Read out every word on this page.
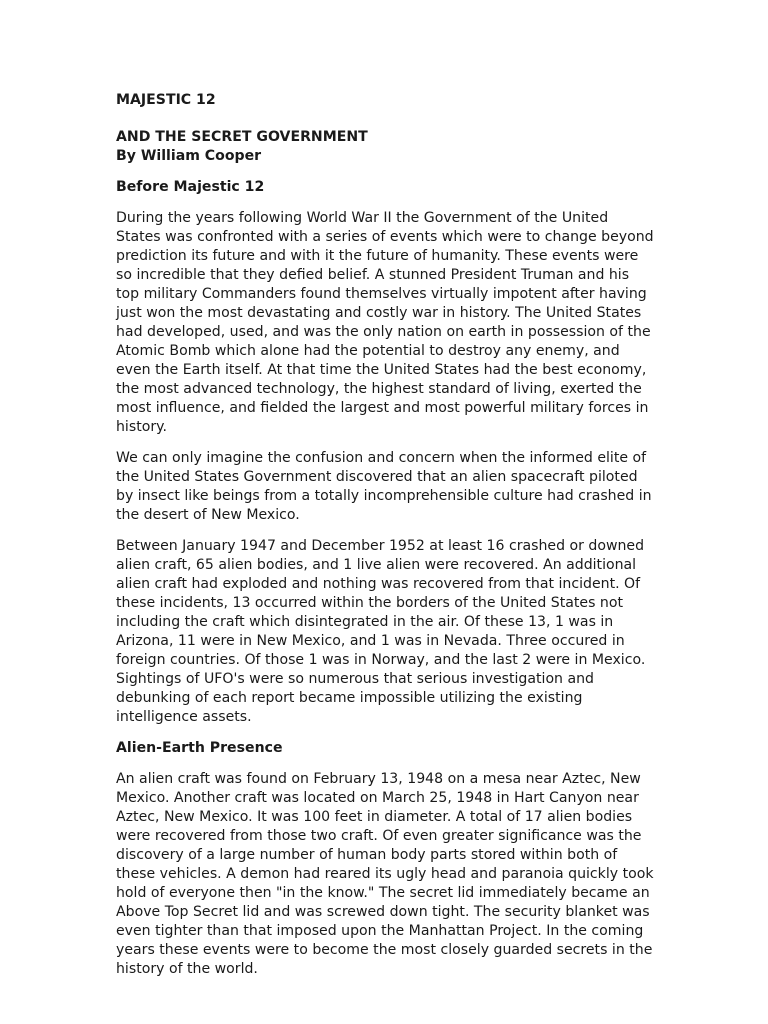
MAJESTIC 12
AND THE SECRET GOVERNMENT
By William Cooper
Before Majestic 12

During the years following World War II the Government of the United States was confronted with a series of events which were to change beyond prediction its future and with it the future of humanity. These events were so incredible that they defied belief. A stunned President Truman and his top military Commanders found themselves virtually impotent after having just won the most devastating and costly war in history. The United States had developed, used, and was the only nation on earth in possession of the Atomic Bomb which alone had the potential to destroy any enemy, and even the Earth itself. At that time the United States had the best economy, the most advanced technology, the highest standard of living, exerted the most influence, and fielded the largest and most powerful military forces in history.

We can only imagine the confusion and concern when the informed elite of the United States Government discovered that an alien spacecraft piloted by insect like beings from a totally incomprehensible culture had crashed in the desert of New Mexico.

Between January 1947 and December 1952 at least 16 crashed or downed alien craft, 65 alien bodies, and 1 live alien were recovered. An additional alien craft had exploded and nothing was recovered from that incident. Of these incidents, 13 occurred within the borders of the United States not including the craft which disintegrated in the air. Of these 13, 1 was in Arizona, 11 were in New Mexico, and 1 was in Nevada. Three occured in foreign countries. Of those 1 was in Norway, and the last 2 were in Mexico. Sightings of UFO's were so numerous that serious investigation and debunking of each report became impossible utilizing the existing intelligence assets.

Alien-Earth Presence

An alien craft was found on February 13, 1948 on a mesa near Aztec, New Mexico. Another craft was located on March 25, 1948 in Hart Canyon near Aztec, New Mexico. It was 100 feet in diameter. A total of 17 alien bodies were recovered from those two craft. Of even greater significance was the discovery of a large number of human body parts stored within both of these vehicles. A demon had reared its ugly head and paranoia quickly took hold of everyone then "in the know." The secret lid immediately became an Above Top Secret lid and was screwed down tight. The security blanket was even tighter than that imposed upon the Manhattan Project. In the coming years these events were to become the most closely guarded secrets in the history of the world.
